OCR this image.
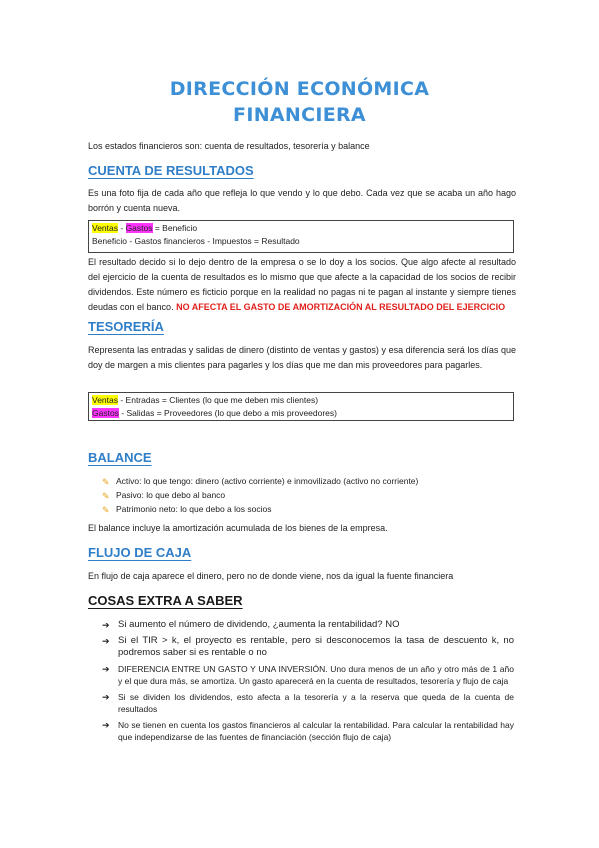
DIRECCIÓN ECONÓMICA
FINANCIERA
Los estados financieros son: cuenta de resultados, tesorería y balance
CUENTA DE RESULTADOS
Es una foto fija de cada año que refleja lo que vendo y lo que debo. Cada vez que se acaba un año hago borrón y cuenta nueva.
Ventas - Gastos = Beneficio
Beneficio - Gastos financieros - Impuestos = Resultado
El resultado decido si lo dejo dentro de la empresa o se lo doy a los socios. Que algo afecte al resultado del ejercicio de la cuenta de resultados es lo mismo que que afecte a la capacidad de los socios de recibir dividendos. Este número es ficticio porque en la realidad no pagas ni te pagan al instante y siempre tienes deudas con el banco. NO AFECTA EL GASTO DE AMORTIZACIÓN AL RESULTADO DEL EJERCICIO
TESORERÍA
Representa las entradas y salidas de dinero (distinto de ventas y gastos) y esa diferencia será los días que doy de margen a mis clientes para pagarles y los días que me dan mis proveedores para pagarles.
Ventas - Entradas = Clientes (lo que me deben mis clientes)
Gastos - Salidas = Proveedores (lo que debo a mis proveedores)
BALANCE
✎ Activo: lo que tengo: dinero (activo corriente) e inmovilizado (activo no corriente)
✎ Pasivo: lo que debo al banco
✎ Patrimonio neto: lo que debo a los socios
El balance incluye la amortización acumulada de los bienes de la empresa.
FLUJO DE CAJA
En flujo de caja aparece el dinero, pero no de donde viene, nos da igual la fuente financiera
COSAS EXTRA A SABER
➔ Si aumento el número de dividendo, ¿aumenta la rentabilidad? NO
➔ Si el TIR > k, el proyecto es rentable, pero si desconocemos la tasa de descuento k, no podremos saber si es rentable o no
➔ DIFERENCIA ENTRE UN GASTO Y UNA INVERSIÓN. Uno dura menos de un año y otro más de 1 año y el que dura más, se amortiza. Un gasto aparecerá en la cuenta de resultados, tesorería y flujo de caja
➔ Si se dividen los dividendos, esto afecta a la tesorería y a la reserva que queda de la cuenta de resultados
➔ No se tienen en cuenta los gastos financieros al calcular la rentabilidad. Para calcular la rentabilidad hay que independizarse de las fuentes de financiación (sección flujo de caja)
